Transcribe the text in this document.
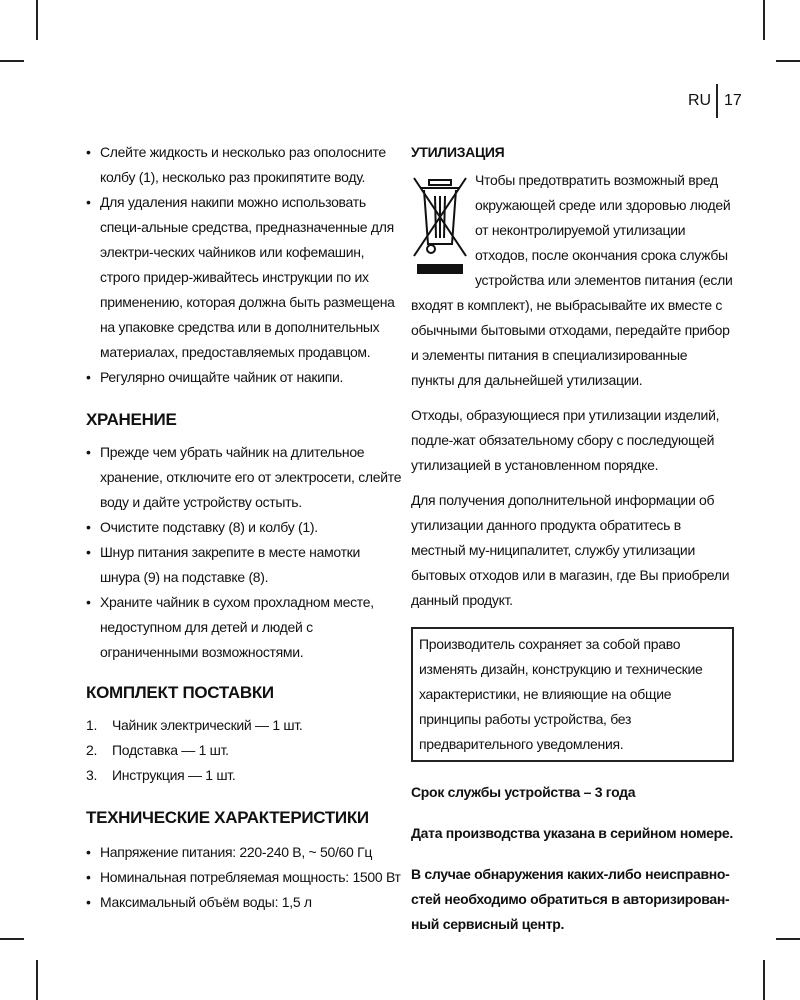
RU 17
• Слейте жидкость и несколько раз ополосните колбу (1), несколько раз прокипятите воду.
• Для удаления накипи можно использовать специ-альные средства, предназначенные для электри-ческих чайников или кофемашин, строго придер-живайтесь инструкции по их применению, которая должна быть размещена на упаковке средства или в дополнительных материалах, предоставляемых продавцом.
• Регулярно очищайте чайник от накипи.
ХРАНЕНИЕ
• Прежде чем убрать чайник на длительное хранение, отключите его от электросети, слейте воду и дайте устройству остыть.
• Очистите подставку (8) и колбу (1).
• Шнур питания закрепите в месте намотки шнура (9) на подставке (8).
• Храните чайник в сухом прохладном месте, недоступном для детей и людей с ограниченными возможностями.
КОМПЛЕКТ ПОСТАВКИ
1. Чайник электрический — 1 шт.
2. Подставка — 1 шт.
3. Инструкция — 1 шт.
ТЕХНИЧЕСКИЕ ХАРАКТЕРИСТИКИ
• Напряжение питания: 220-240 В, ~ 50/60 Гц
• Номинальная потребляемая мощность: 1500 Вт
• Максимальный объём воды: 1,5 л
УТИЛИЗАЦИЯ

Чтобы предотвратить возможный вред окружающей среде или здоровью людей от неконтролируемой утилизации отходов, после окончания срока службы устройства или элементов питания (если входят в комплект), не выбрасывайте их вместе с обычными бытовыми отходами, передайте прибор и элементы питания в специализированные пункты для дальнейшей утилизации.

Отходы, образующиеся при утилизации изделий, подле-жат обязательному сбору с последующей утилизацией в установленном порядке.

Для получения дополнительной информации об утилизации данного продукта обратитесь в местный му-ниципалитет, службу утилизации бытовых отходов или в магазин, где Вы приобрели данный продукт.

Производитель сохраняет за собой право изменять дизайн, конструкцию и технические характеристики, не влияющие на общие принципы работы устройства, без предварительного уведомления.

Срок службы устройства – 3 года

Дата производства указана в серийном номере.

В случае обнаружения каких-либо неисправно-стей необходимо обратиться в авторизирован-ный сервисный центр.
